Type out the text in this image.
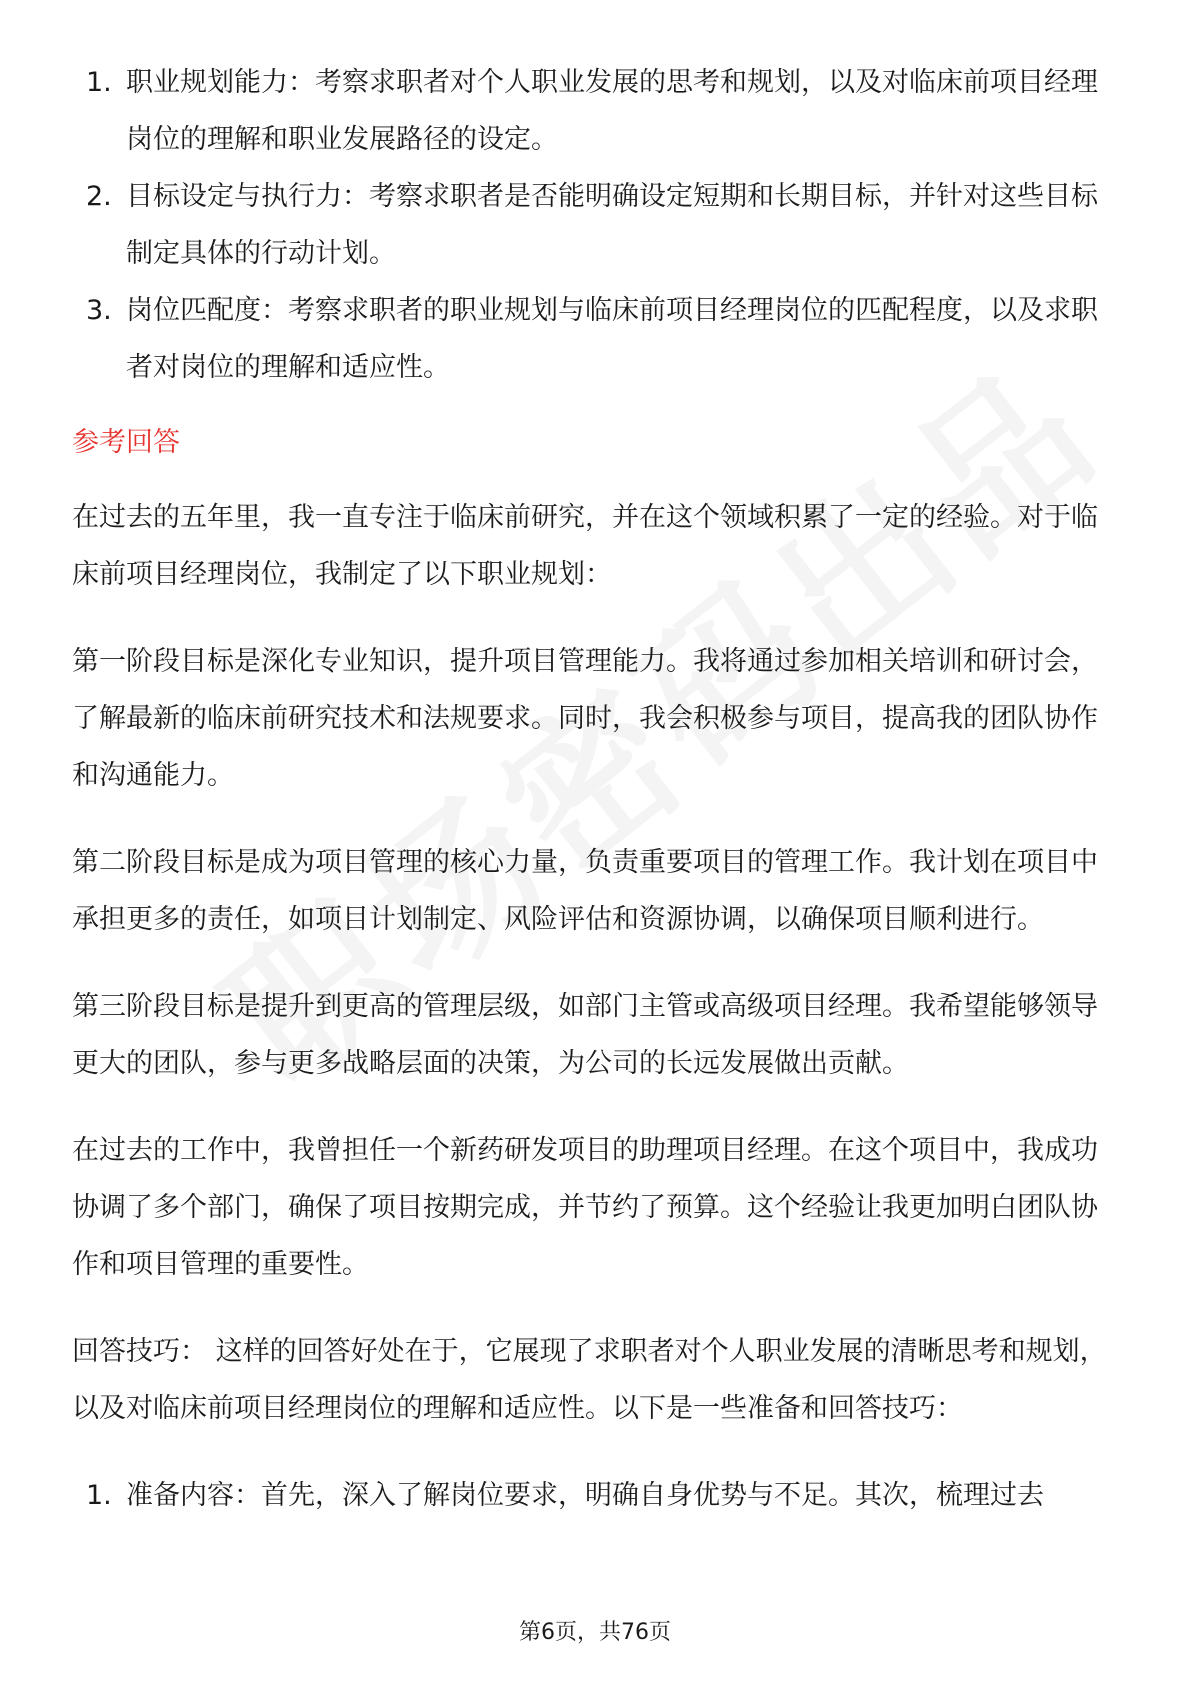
1. 职业规划能力：考察求职者对个人职业发展的思考和规划，以及对临床前项目经理岗位的理解和职业发展路径的设定。
2. 目标设定与执行力：考察求职者是否能明确设定短期和长期目标，并针对这些目标制定具体的行动计划。
3. 岗位匹配度：考察求职者的职业规划与临床前项目经理岗位的匹配程度，以及求职者对岗位的理解和适应性。
参考回答

在过去的五年里，我一直专注于临床前研究，并在这个领域积累了一定的经验。对于临床前项目经理岗位，我制定了以下职业规划：

第一阶段目标是深化专业知识，提升项目管理能力。我将通过参加相关培训和研讨会，了解最新的临床前研究技术和法规要求。同时，我会积极参与项目，提高我的团队协作和沟通能力。

第二阶段目标是成为项目管理的核心力量，负责重要项目的管理工作。我计划在项目中承担更多的责任，如项目计划制定、风险评估和资源协调，以确保项目顺利进行。

第三阶段目标是提升到更高的管理层级，如部门主管或高级项目经理。我希望能够领导更大的团队，参与更多战略层面的决策，为公司的长远发展做出贡献。

在过去的工作中，我曾担任一个新药研发项目的助理项目经理。在这个项目中，我成功协调了多个部门，确保了项目按期完成，并节约了预算。这个经验让我更加明白团队协作和项目管理的重要性。

回答技巧： 这样的回答好处在于，它展现了求职者对个人职业发展的清晰思考和规划，以及对临床前项目经理岗位的理解和适应性。以下是一些准备和回答技巧：

1. 准备内容：首先，深入了解岗位要求，明确自身优势与不足。其次，梳理过去
第6页，共76页
